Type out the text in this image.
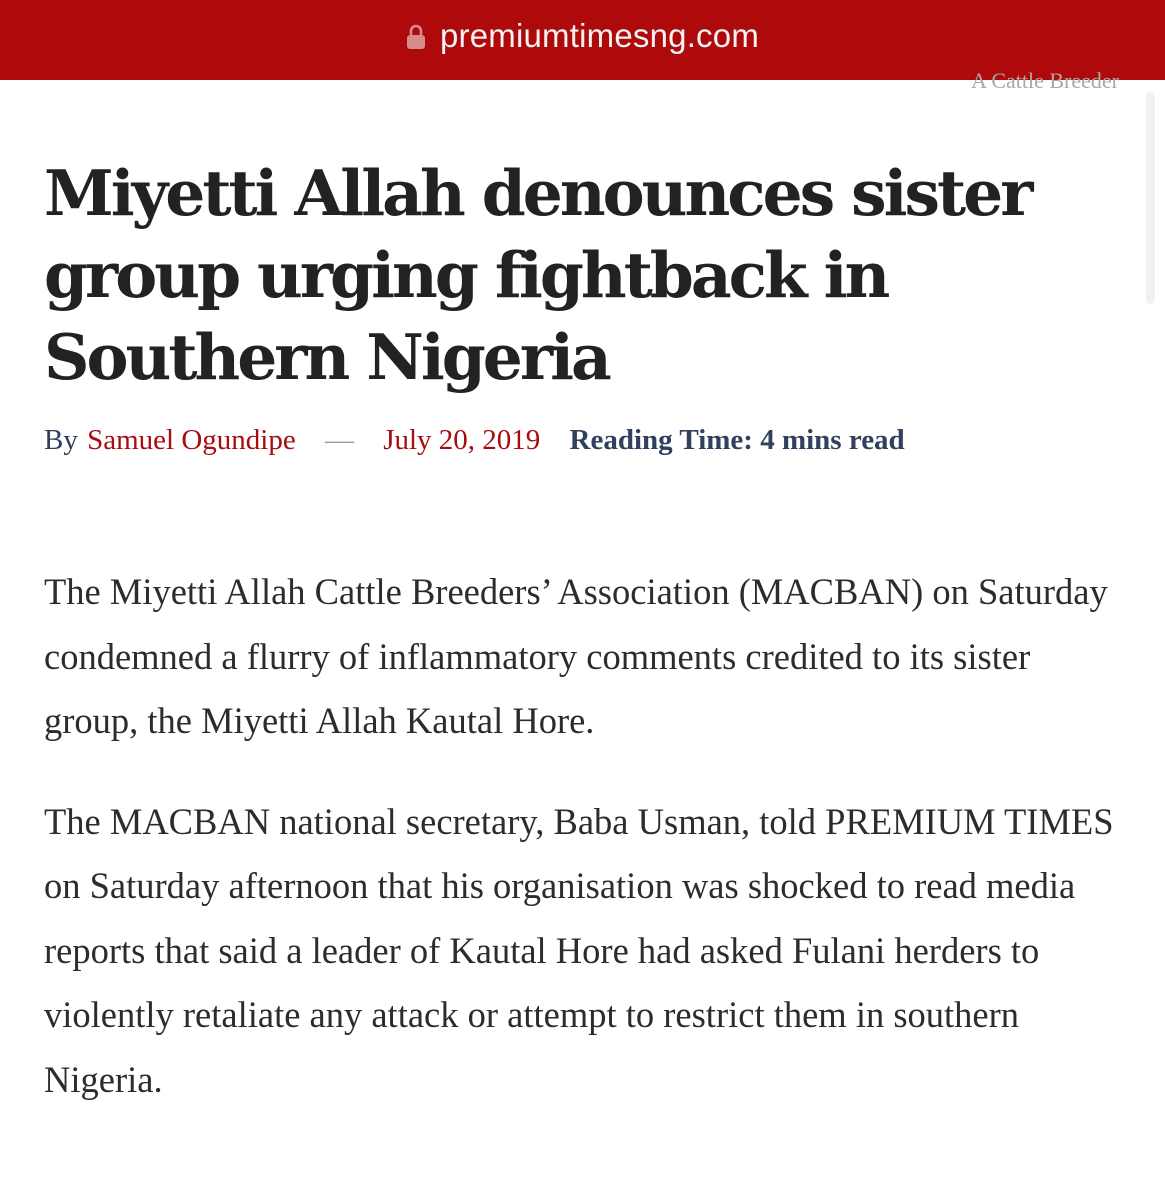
premiumtimesng.com
A Cattle Breeder
Miyetti Allah denounces sister group urging fightback in Southern Nigeria
By Samuel Ogundipe — July 20, 2019 Reading Time: 4 mins read

The Miyetti Allah Cattle Breeders’ Association (MACBAN) on Saturday condemned a flurry of inflammatory comments credited to its sister group, the Miyetti Allah Kautal Hore.

The MACBAN national secretary, Baba Usman, told PREMIUM TIMES on Saturday afternoon that his organisation was shocked to read media reports that said a leader of Kautal Hore had asked Fulani herders to violently retaliate any attack or attempt to restrict them in southern Nigeria.
